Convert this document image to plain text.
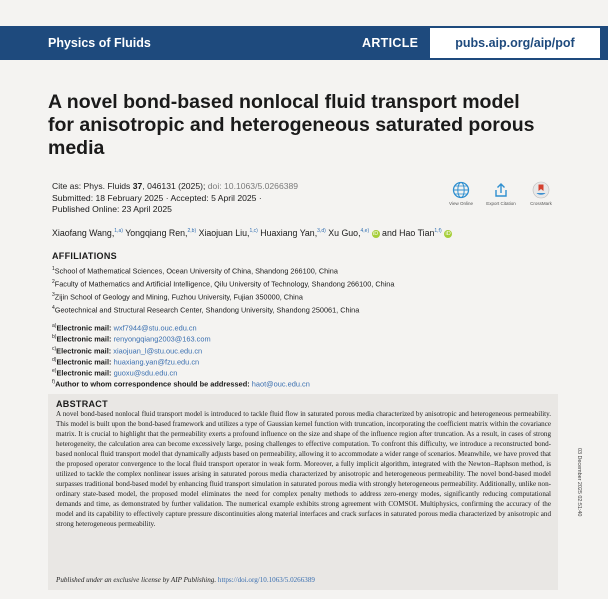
Physics of Fluids	ARTICLE	pubs.aip.org/aip/pof
A novel bond-based nonlocal fluid transport model for anisotropic and heterogeneous saturated porous media
Cite as: Phys. Fluids 37, 046131 (2025); doi: 10.1063/5.0266389
Submitted: 18 February 2025 · Accepted: 5 April 2025 ·
Published Online: 23 April 2025
View Online	Export Citation	CrossMark
Xiaofang Wang,$^{1,a)}$ Yongqiang Ren,$^{2,b)}$ Xiaojuan Liu,$^{1,c)}$ Huaxiang Yan,$^{3,d)}$ Xu Guo,$^{4,e)}$ iD and Hao Tian$^{1,f)}$ iD
AFFILIATIONS
$^1$School of Mathematical Sciences, Ocean University of China, Shandong 266100, China
$^2$Faculty of Mathematics and Artificial Intelligence, Qilu University of Technology, Shandong 266100, China
$^3$Zijin School of Geology and Mining, Fuzhou University, Fujian 350000, China
$^4$Geotechnical and Structural Research Center, Shandong University, Shandong 250061, China
$^{a)}$Electronic mail: wxf7944@stu.ouc.edu.cn
$^{b)}$Electronic mail: renyongqiang2003@163.com
$^{c)}$Electronic mail: xiaojuan_l@stu.ouc.edu.cn
$^{d)}$Electronic mail: huaxiang.yan@fzu.edu.cn
$^{e)}$Electronic mail: guoxu@sdu.edu.cn
$^{f)}$Author to whom correspondence should be addressed: haot@ouc.edu.cn
ABSTRACT
A novel bond-based nonlocal fluid transport model is introduced to tackle fluid flow in saturated porous media characterized by anisotropic and heterogeneous permeability. This model is built upon the bond-based framework and utilizes a type of Gaussian kernel function with truncation, incorporating the coefficient matrix within the covariance matrix. It is crucial to highlight that the permeability exerts a profound influence on the size and shape of the influence region after truncation. As a result, in cases of strong heterogeneity, the calculation area can become excessively large, posing challenges to effective computation. To confront this difficulty, we introduce a reconstructed bond-based nonlocal fluid transport model that dynamically adjusts based on permeability, allowing it to accommodate a wider range of scenarios. Meanwhile, we have proved that the proposed operator convergence to the local fluid transport operator in weak form. Moreover, a fully implicit algorithm, integrated with the Newton–Raphson method, is utilized to tackle the complex nonlinear issues arising in saturated porous media characterized by anisotropic and heterogeneous permeability. The novel bond-based model surpasses traditional bond-based model by enhancing fluid transport simulation in saturated porous media with strongly heterogeneous permeability. Additionally, unlike non-ordinary state-based model, the proposed model eliminates the need for complex penalty methods to address zero-energy modes, significantly reducing computational demands and time, as demonstrated by further validation. The numerical example exhibits strong agreement with COMSOL Multiphysics, confirming the accuracy of the model and its capability to effectively capture pressure discontinuities along material interfaces and crack surfaces in saturated porous media characterized by anisotropic and strong heterogeneous permeability.
Published under an exclusive license by AIP Publishing. https://doi.org/10.1063/5.0266389
03 December 2025 02:51:40
